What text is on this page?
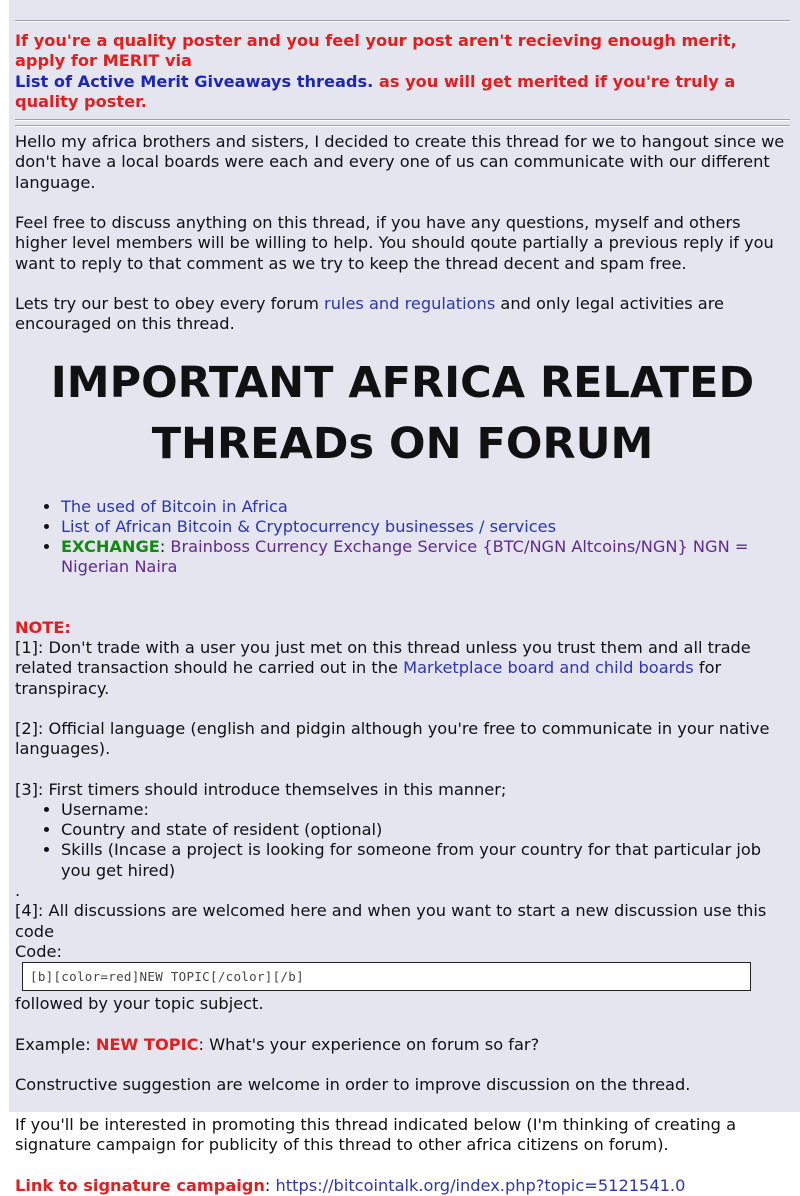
If you're a quality poster and you feel your post aren't recieving enough merit, apply for MERIT via
List of Active Merit Giveaways threads. as you will get merited if you're truly a quality poster.

Hello my africa brothers and sisters, I decided to create this thread for we to hangout since we don't have a local boards were each and every one of us can communicate with our different language.

Feel free to discuss anything on this thread, if you have any questions, myself and others higher level members will be willing to help. You should qoute partially a previous reply if you want to reply to that comment as we try to keep the thread decent and spam free.

Lets try our best to obey every forum rules and regulations and only legal activities are encouraged on this thread.

IMPORTANT AFRICA RELATED
THREADs ON FORUM
• The used of Bitcoin in Africa
• List of African Bitcoin & Cryptocurrency businesses / services
• EXCHANGE: Brainboss Currency Exchange Service {BTC/NGN Altcoins/NGN} NGN = Nigerian Naira

NOTE:

[1]: Don't trade with a user you just met on this thread unless you trust them and all trade related transaction should he carried out in the Marketplace board and child boards for transpiracy.

[2]: Official language (english and pidgin although you're free to communicate in your native languages).

[3]: First timers should introduce themselves in this manner;

• Username:
• Country and state of resident (optional)
• Skills (Incase a project is looking for someone from your country for that particular job you get hired)

.

[4]: All discussions are welcomed here and when you want to start a new discussion use this code

Code:

[b][color=red]NEW TOPIC[/color][/b]

followed by your topic subject.

Example: NEW TOPIC: What's your experience on forum so far?

Constructive suggestion are welcome in order to improve discussion on the thread.

If you'll be interested in promoting this thread indicated below (I'm thinking of creating a signature campaign for publicity of this thread to other africa citizens on forum).

Link to signature campaign: https://bitcointalk.org/index.php?topic=5121541.0
